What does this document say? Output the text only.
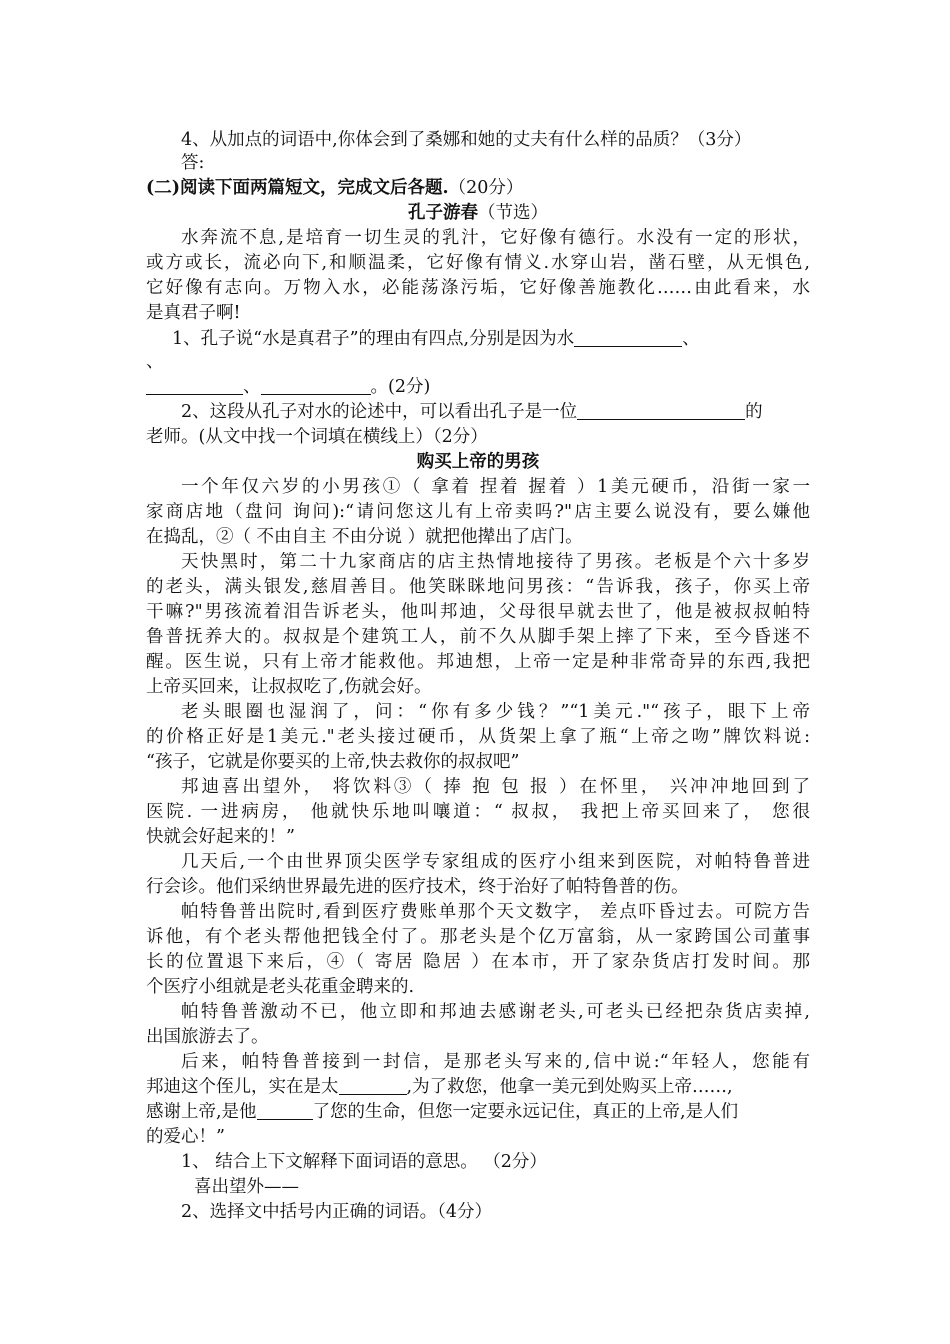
4、从加点的词语中,你体会到了桑娜和她的丈夫有什么样的品质？（3分）
答:
(二)阅读下面两篇短文，完成文后各题.（20分）
孔子游春（节选）
水奔流不息,是培育一切生灵的乳汁，它好像有德行。水没有一定的形状，
或方或长，流必向下,和顺温柔，它好像有情义.水穿山岩，凿石壁，从无惧色,
它好像有志向。万物入水，必能荡涤污垢，它好像善施教化……由此看来，水
是真君子啊!
1、孔子说“水是真君子”的理由有四点,分别是因为水	、
、
、	。(2分)
2、这段从孔子对水的论述中，可以看出孔子是一位	的
老师。(从文中找一个词填在横线上）（2分）
购买上帝的男孩
一个年仅六岁的小男孩①（ 拿着 捏着 握着 ）1美元硬币，沿街一家一
家商店地（盘问 询问):“请问您这儿有上帝卖吗?"店主要么说没有，要么嫌他
在捣乱，②（ 不由自主 不由分说 ）就把他撵出了店门。
天快黑时，第二十九家商店的店主热情地接待了男孩。老板是个六十多岁
的老头，满头银发,慈眉善目。他笑眯眯地问男孩：“告诉我，孩子，你买上帝
干嘛?"男孩流着泪告诉老头，他叫邦迪，父母很早就去世了，他是被叔叔帕特
鲁普抚养大的。叔叔是个建筑工人，前不久从脚手架上摔了下来，至今昏迷不
醒。医生说，只有上帝才能救他。邦迪想，上帝一定是种非常奇异的东西,我把
上帝买回来，让叔叔吃了,伤就会好。
老头眼圈也湿润了，问：“你有多少钱？”“1美元."“孩子，眼下上帝
的价格正好是1美元."老头接过硬币，从货架上拿了瓶“上帝之吻”牌饮料说:
“孩子，它就是你要买的上帝,快去救你的叔叔吧”
邦迪喜出望外， 将饮料③（ 捧 抱 包 报 ）在怀里， 兴冲冲地回到了
医院. 一进病房， 他就快乐地叫嚷道：“ 叔叔， 我把上帝买回来了， 您很
快就会好起来的！”
几天后,一个由世界顶尖医学专家组成的医疗小组来到医院，对帕特鲁普进
行会诊。他们采纳世界最先进的医疗技术，终于治好了帕特鲁普的伤。
帕特鲁普出院时,看到医疗费账单那个天文数字， 差点吓昏过去。可院方告
诉他，有个老头帮他把钱全付了。那老头是个亿万富翁，从一家跨国公司董事
长的位置退下来后，④（ 寄居 隐居 ）在本市，开了家杂货店打发时间。那
个医疗小组就是老头花重金聘来的.
帕特鲁普激动不已，他立即和邦迪去感谢老头,可老头已经把杂货店卖掉,
出国旅游去了。
后来，帕特鲁普接到一封信，是那老头写来的,信中说:“年轻人，您能有
邦迪这个侄儿，实在是太	,为了救您，他拿一美元到处购买上帝……,
感谢上帝,是他	了您的生命，但您一定要永远记住，真正的上帝,是人们
的爱心！”
1、 结合上下文解释下面词语的意思。 （2分）
喜出望外——
2、选择文中括号内正确的词语。（4分）
